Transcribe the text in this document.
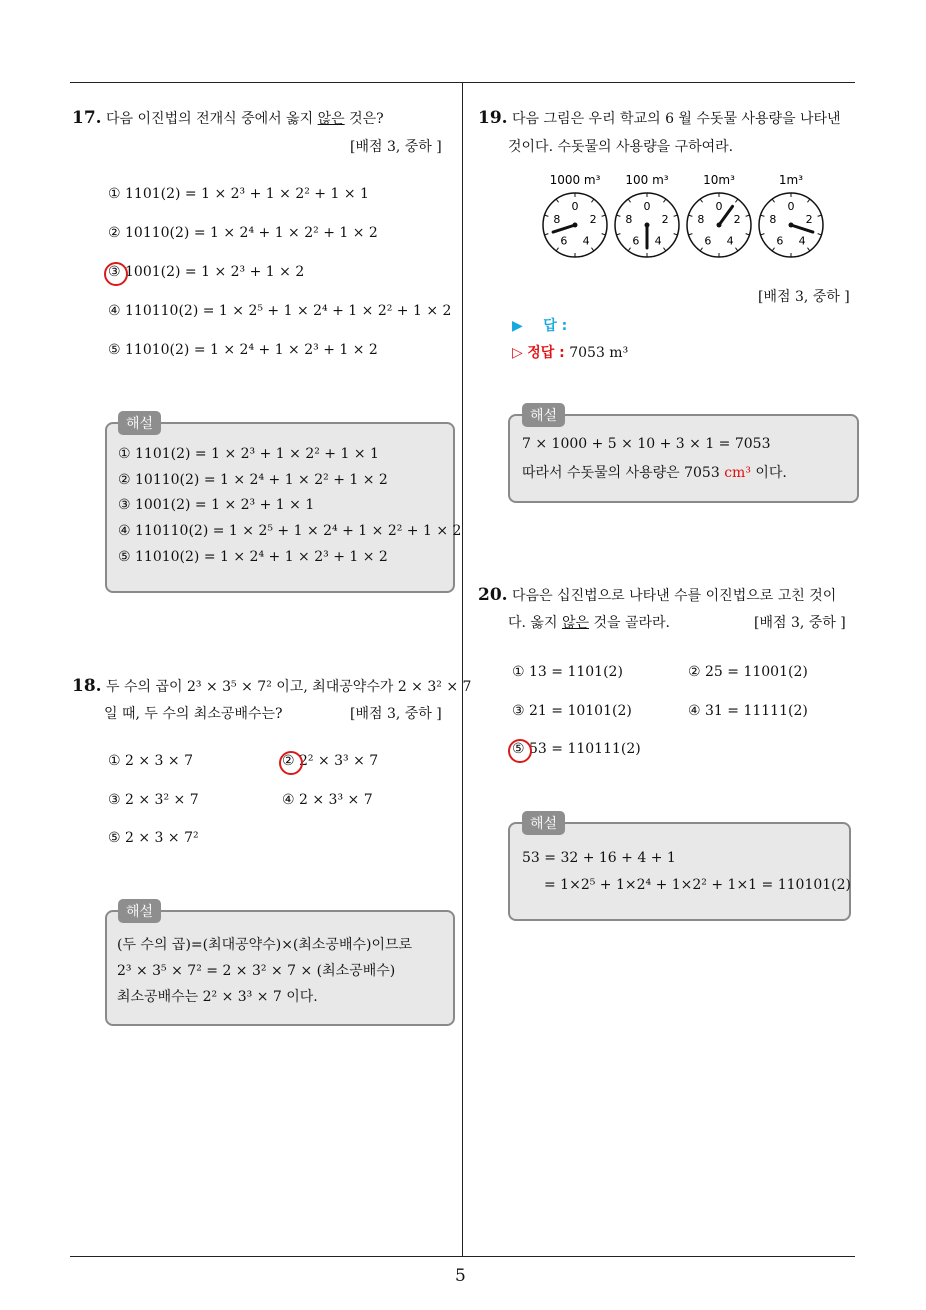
17. 다음 이진법의 전개식 중에서 옳지 않은 것은?
[배점 3, 중하 ]
① 1101(2) = 1 × 2³ + 1 × 2² + 1 × 1
② 10110(2) = 1 × 2⁴ + 1 × 2² + 1 × 2
③ 1001(2) = 1 × 2³ + 1 × 2
④ 110110(2) = 1 × 2⁵ + 1 × 2⁴ + 1 × 2² + 1 × 2
⑤ 11010(2) = 1 × 2⁴ + 1 × 2³ + 1 × 2
해설
① 1101(2) = 1 × 2³ + 1 × 2² + 1 × 1
② 10110(2) = 1 × 2⁴ + 1 × 2² + 1 × 2
③ 1001(2) = 1 × 2³ + 1 × 1
④ 110110(2) = 1 × 2⁵ + 1 × 2⁴ + 1 × 2² + 1 × 2
⑤ 11010(2) = 1 × 2⁴ + 1 × 2³ + 1 × 2
18. 두 수의 곱이 2³ × 3⁵ × 7² 이고, 최대공약수가 2 × 3² × 7
일 때, 두 수의 최소공배수는?	[배점 3, 중하 ]
① 2 × 3 × 7	② 2² × 3³ × 7
③ 2 × 3² × 7	④ 2 × 3³ × 7
⑤ 2 × 3 × 7²
해설
(두 수의 곱)=(최대공약수)×(최소공배수)이므로
2³ × 3⁵ × 7² = 2 × 3² × 7 × (최소공배수)
최소공배수는 2² × 3³ × 7 이다.
19. 다음 그림은 우리 학교의 6 월 수돗물 사용량을 나타낸
것이다. 수돗물의 사용량을 구하여라.
1000 m³
0
2
4
6
8
100 m³
0
2
4
6
8
10m³
0
2
4
6
8
1m³
0
2
4
6
8
[배점 3, 중하 ]
▶ 답 :
▷ 정답 : 7053 m³
해설
7 × 1000 + 5 × 10 + 3 × 1 = 7053
따라서 수돗물의 사용량은 7053 cm³ 이다.
20. 다음은 십진법으로 나타낸 수를 이진법으로 고친 것이
다. 옳지 않은 것을 골라라.	[배점 3, 중하 ]
① 13 = 1101(2)	② 25 = 11001(2)
③ 21 = 10101(2)	④ 31 = 11111(2)
⑤ 53 = 110111(2)
해설
53 = 32 + 16 + 4 + 1
= 1×2⁵ + 1×2⁴ + 1×2² + 1×1 = 110101(2)
5
